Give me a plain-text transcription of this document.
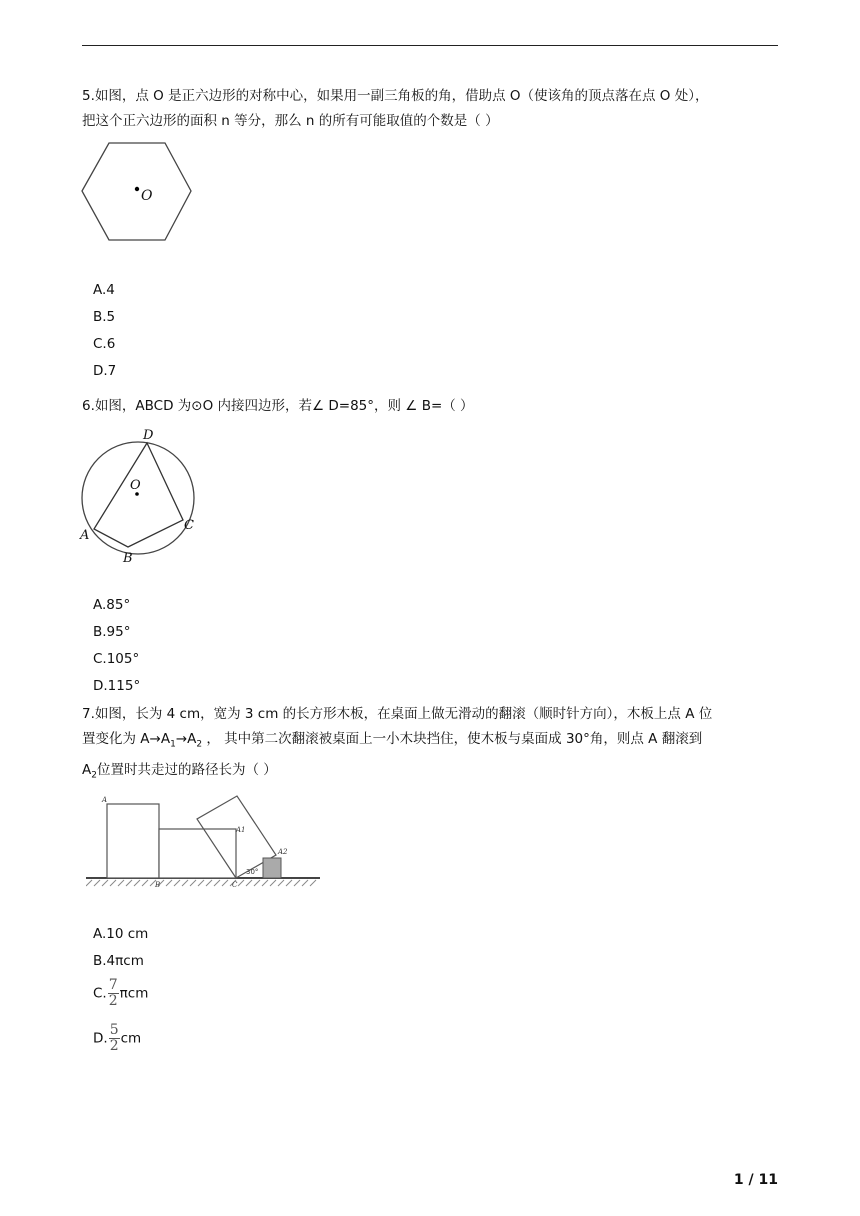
5.如图，点 O 是正六边形的对称中心，如果用一副三角板的角，借助点 O（使该角的顶点落在点 O 处），
把这个正六边形的面积 n 等分，那么 n 的所有可能取值的个数是（ ）
O
A.4
B.5
C.6
D.7
6.如图，ABCD 为⊙O 内接四边形，若∠ D=85°，则 ∠ B=（ ）
O
D
C
A
B
A.85°
B.95°
C.105°
D.115°
7.如图，长为 4 cm，宽为 3 cm 的长方形木板，在桌面上做无滑动的翻滚（顺时针方向），木板上点 A 位
置变化为 $A\to A_1\to A_2$ ， 其中第二次翻滚被桌面上一小木块挡住，使木板与桌面成 30°角，则点 A 翻滚到
$A_2$位置时共走过的路径长为（ ）
A
A1
A2
B	C
30°
A.10 cm
B.4πcm
C. $\frac{7}{2}$ πcm
D. $\frac{5}{2}$ cm
1 / 11
